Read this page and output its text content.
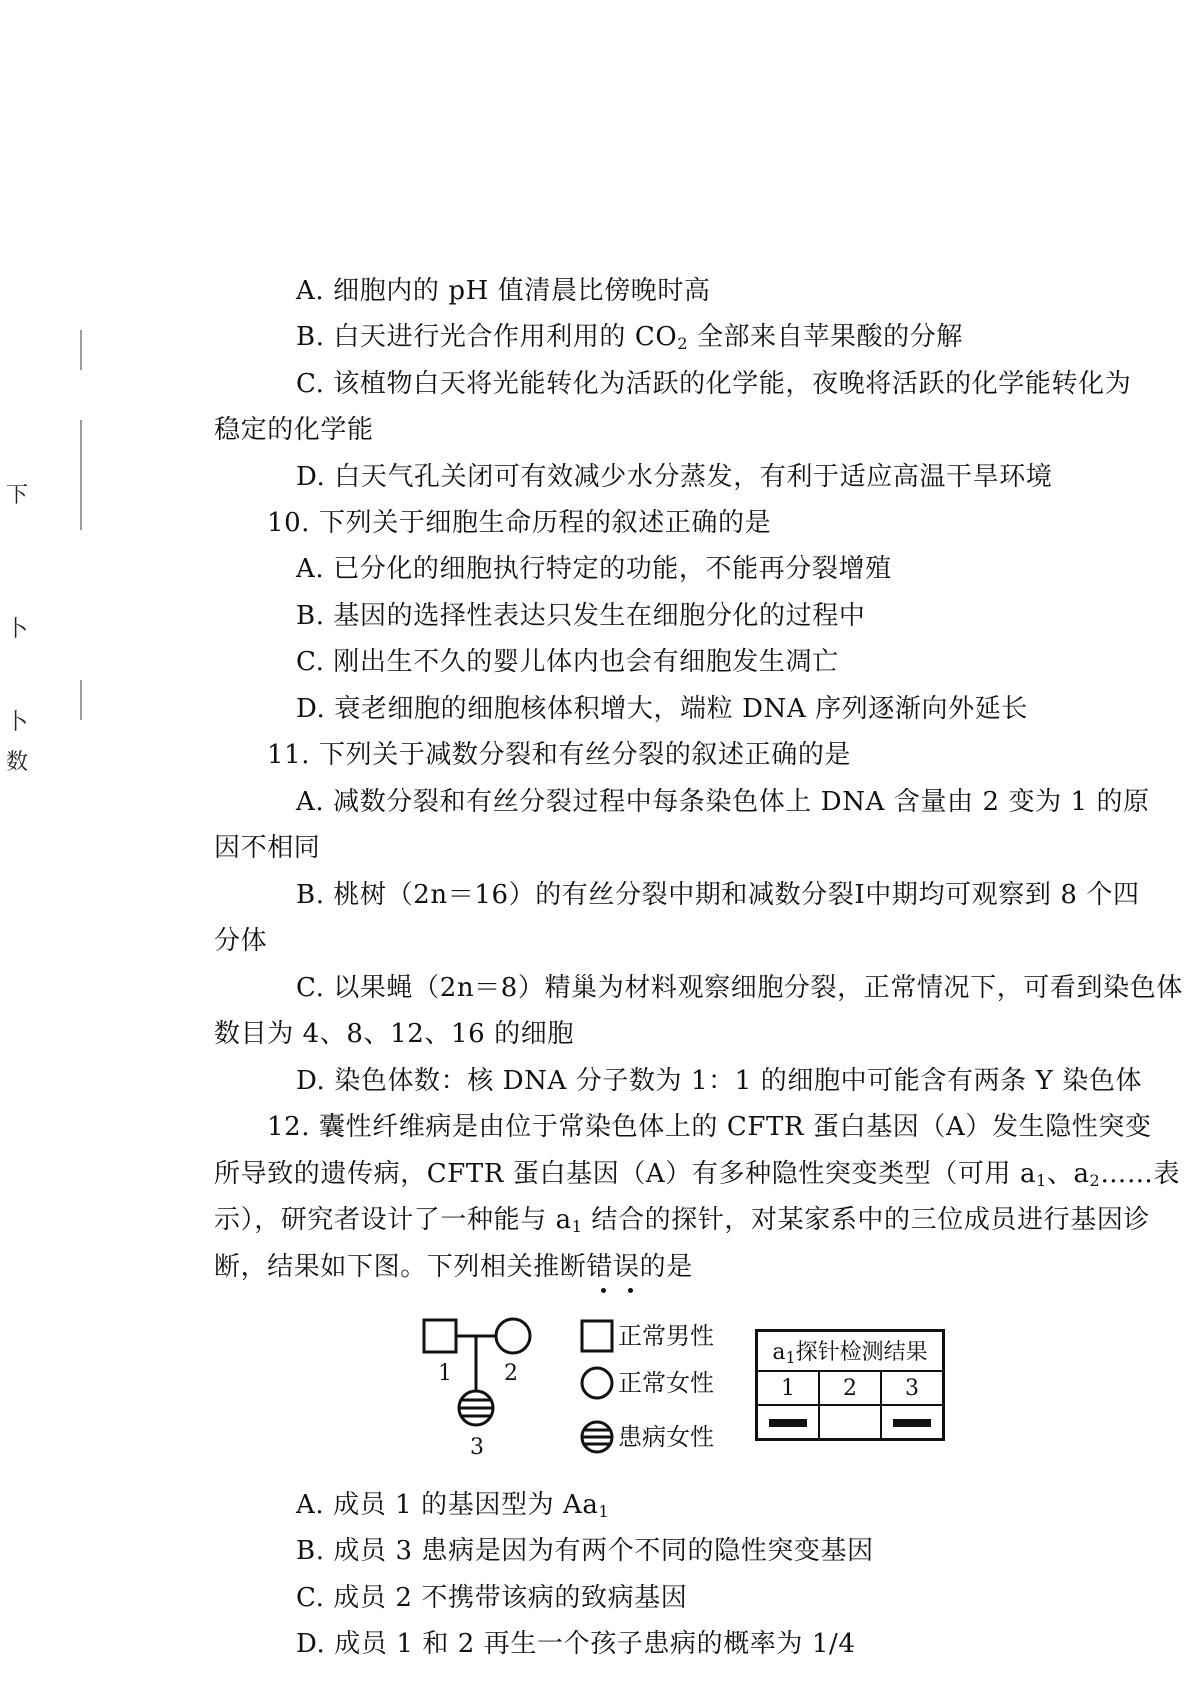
下
卜
卜
数
A. 细胞内的 pH 值清晨比傍晚时高
B. 白天进行光合作用利用的 $CO_2$ 全部来自苹果酸的分解
C. 该植物白天将光能转化为活跃的化学能，夜晚将活跃的化学能转化为
稳定的化学能
D. 白天气孔关闭可有效减少水分蒸发，有利于适应高温干旱环境
10. 下列关于细胞生命历程的叙述正确的是
A. 已分化的细胞执行特定的功能，不能再分裂增殖
B. 基因的选择性表达只发生在细胞分化的过程中
C. 刚出生不久的婴儿体内也会有细胞发生凋亡
D. 衰老细胞的细胞核体积增大，端粒 DNA 序列逐渐向外延长
11. 下列关于减数分裂和有丝分裂的叙述正确的是
A. 减数分裂和有丝分裂过程中每条染色体上 DNA 含量由 2 变为 1 的原
因不相同
B. 桃树（2n＝16）的有丝分裂中期和减数分裂Ⅰ中期均可观察到 8 个四
分体
C. 以果蝇（2n＝8）精巢为材料观察细胞分裂，正常情况下，可看到染色体
数目为 4、8、12、16 的细胞
D. 染色体数：核 DNA 分子数为 1：1 的细胞中可能含有两条 Y 染色体
12. 囊性纤维病是由位于常染色体上的 CFTR 蛋白基因（A）发生隐性突变
所导致的遗传病，CFTR 蛋白基因（A）有多种隐性突变类型（可用 $a_1$、$a_2\dots\dots$表
示），研究者设计了一种能与 $a_1$ 结合的探针，对某家系中的三位成员进行基因诊
断，结果如下图。下列相关推断错误的是
1 2
3
正常男性
正常女性
患病女性
$a_1$探针检测结果		
1	2	3

A. 成员 1 的基因型为 $Aa_1$
B. 成员 3 患病是因为有两个不同的隐性突变基因
C. 成员 2 不携带该病的致病基因
D. 成员 1 和 2 再生一个孩子患病的概率为 1/4
